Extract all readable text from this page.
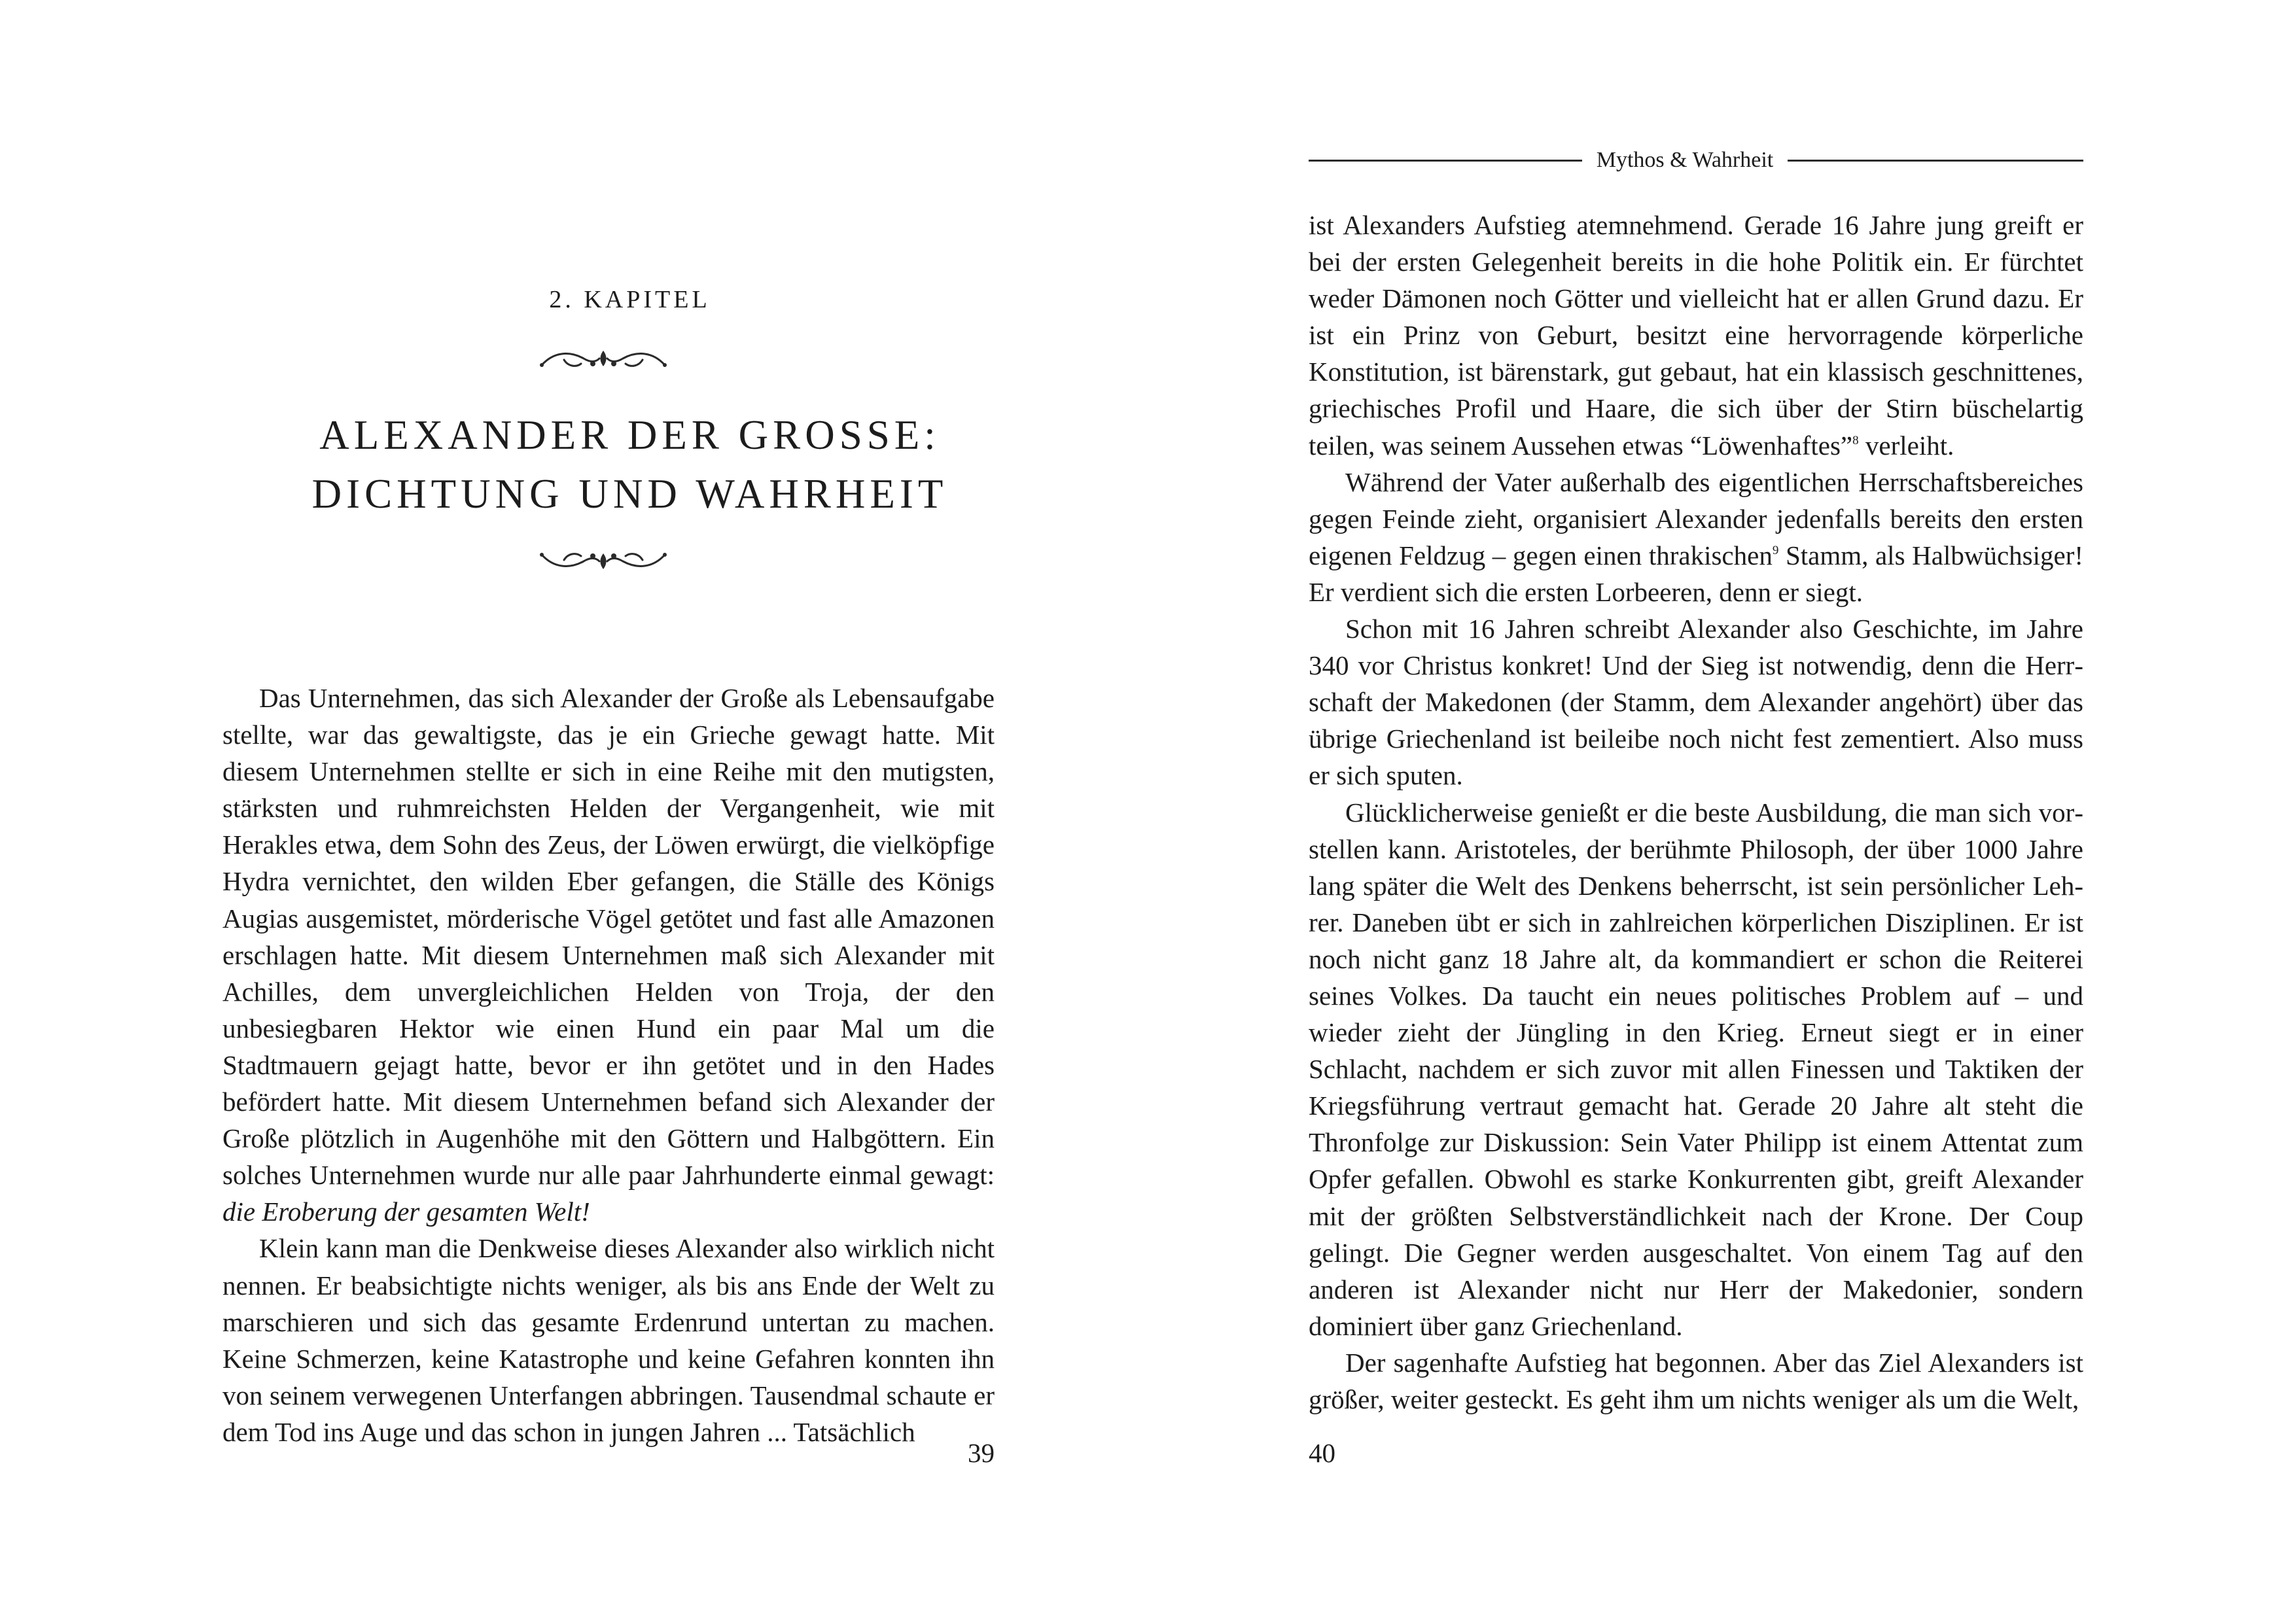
2. KAPITEL
ALEXANDER DER GROSSE:
DICHTUNG UND WAHRHEIT

Das Unternehmen, das sich Alexander der Große als Lebensaufgabe stellte, war das gewaltigste, das je ein Grieche gewagt hatte. Mit diesem Unternehmen stellte er sich in eine Reihe mit den mutigsten, stärksten und ruhmreichsten Helden der Vergangenheit, wie mit Herakles etwa, dem Sohn des Zeus, der Löwen erwürgt, die vielköpfige Hydra vernichtet, den wilden Eber gefangen, die Ställe des Königs Augias ausgemistet, mörderische Vögel getötet und fast alle Amazonen erschlagen hatte. Mit diesem Unternehmen maß sich Alexander mit Achilles, dem unvergleichlichen Helden von Troja, der den unbesiegbaren Hektor wie einen Hund ein paar Mal um die Stadtmauern gejagt hatte, bevor er ihn getötet und in den Hades befördert hatte. Mit diesem Unternehmen befand sich Alexander der Große plötzlich in Augenhöhe mit den Göttern und Halbgöttern. Ein solches Unternehmen wurde nur alle paar Jahrhunderte einmal gewagt: die Eroberung der gesamten Welt!

Klein kann man die Denkweise dieses Alexander also wirklich nicht nennen. Er beabsichtigte nichts weniger, als bis ans Ende der Welt zu marschieren und sich das gesamte Erdenrund untertan zu machen. Keine Schmerzen, keine Katastrophe und keine Gefahren konnten ihn von seinem verwegenen Unterfangen abbringen. Tausendmal schaute er dem Tod ins Auge und das schon in jungen Jahren ... Tatsächlich

39
Mythos & Wahrheit

ist Alexanders Aufstieg atemnehmend. Gerade 16 Jahre jung greift er bei der ersten Gelegenheit bereits in die hohe Politik ein. Er fürchtet weder Dämonen noch Götter und vielleicht hat er allen Grund dazu. Er ist ein Prinz von Geburt, besitzt eine hervorragende körperliche Konstitution, ist bärenstark, gut gebaut, hat ein klassisch geschnittenes, griechisches Profil und Haare, die sich über der Stirn büschelartig teilen, was seinem Aussehen etwas “Löwenhaftes”$^8$ verleiht.

Während der Vater außerhalb des eigentlichen Herrschaftsbereiches gegen Feinde zieht, organisiert Alexander jedenfalls bereits den ersten eigenen Feldzug – gegen einen thrakischen$^9$ Stamm, als Halbwüchsiger! Er verdient sich die ersten Lorbeeren, denn er siegt.

Schon mit 16 Jahren schreibt Alexander also Geschichte, im Jahre 340 vor Christus konkret! Und der Sieg ist notwendig, denn die Herrschaft der Makedonen (der Stamm, dem Alexander angehört) über das übrige Griechenland ist beileibe noch nicht fest zementiert. Also muss er sich sputen.

Glücklicherweise genießt er die beste Ausbildung, die man sich vorstellen kann. Aristoteles, der berühmte Philosoph, der über 1000 Jahre lang später die Welt des Denkens beherrscht, ist sein persönlicher Lehrer. Daneben übt er sich in zahlreichen körperlichen Disziplinen. Er ist noch nicht ganz 18 Jahre alt, da kommandiert er schon die Reiterei seines Volkes. Da taucht ein neues politisches Problem auf – und wieder zieht der Jüngling in den Krieg. Erneut siegt er in einer Schlacht, nachdem er sich zuvor mit allen Finessen und Taktiken der Kriegsführung vertraut gemacht hat. Gerade 20 Jahre alt steht die Thronfolge zur Diskussion: Sein Vater Philipp ist einem Attentat zum Opfer gefallen. Obwohl es starke Konkurrenten gibt, greift Alexander mit der größten Selbstverständlichkeit nach der Krone. Der Coup gelingt. Die Gegner werden ausgeschaltet. Von einem Tag auf den anderen ist Alexander nicht nur Herr der Makedonier, sondern dominiert über ganz Griechenland.

Der sagenhafte Aufstieg hat begonnen. Aber das Ziel Alexanders ist größer, weiter gesteckt. Es geht ihm um nichts weniger als um die Welt,

40
